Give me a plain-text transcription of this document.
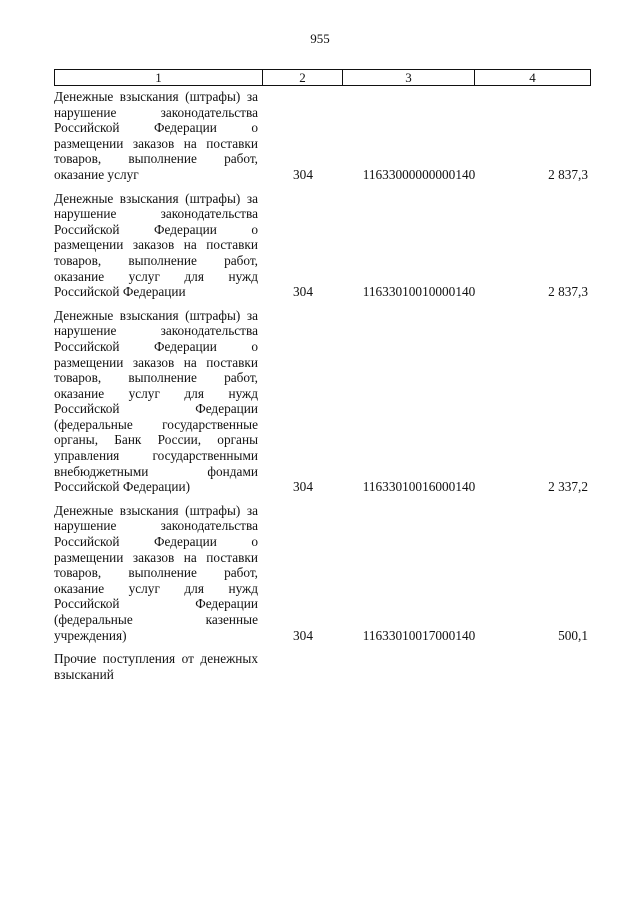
955
1	2	3	4
Денежные взыскания (штрафы) за нарушение законодательства Российской Федерации о размещении заказов на поставки товаров, выполнение работ, оказание услуг	304	11633000000000140	2 837,3
Денежные взыскания (штрафы) за нарушение законодательства Российской Федерации о размещении заказов на поставки товаров, выполнение работ, оказание услуг для нужд Российской Федерации	304	11633010010000140	2 837,3
Денежные взыскания (штрафы) за нарушение законодательства Российской Федерации о размещении заказов на поставки товаров, выполнение работ, оказание услуг для нужд Российской Федерации (федеральные государственные органы, Банк России, органы управления государственными внебюджетными фондами Российской Федерации)	304	11633010016000140	2 337,2
Денежные взыскания (штрафы) за нарушение законодательства Российской Федерации о размещении заказов на поставки товаров, выполнение работ, оказание услуг для нужд Российской Федерации (федеральные казенные учреждения)	304	11633010017000140	500,1
Прочие поступления от денежных взысканий
